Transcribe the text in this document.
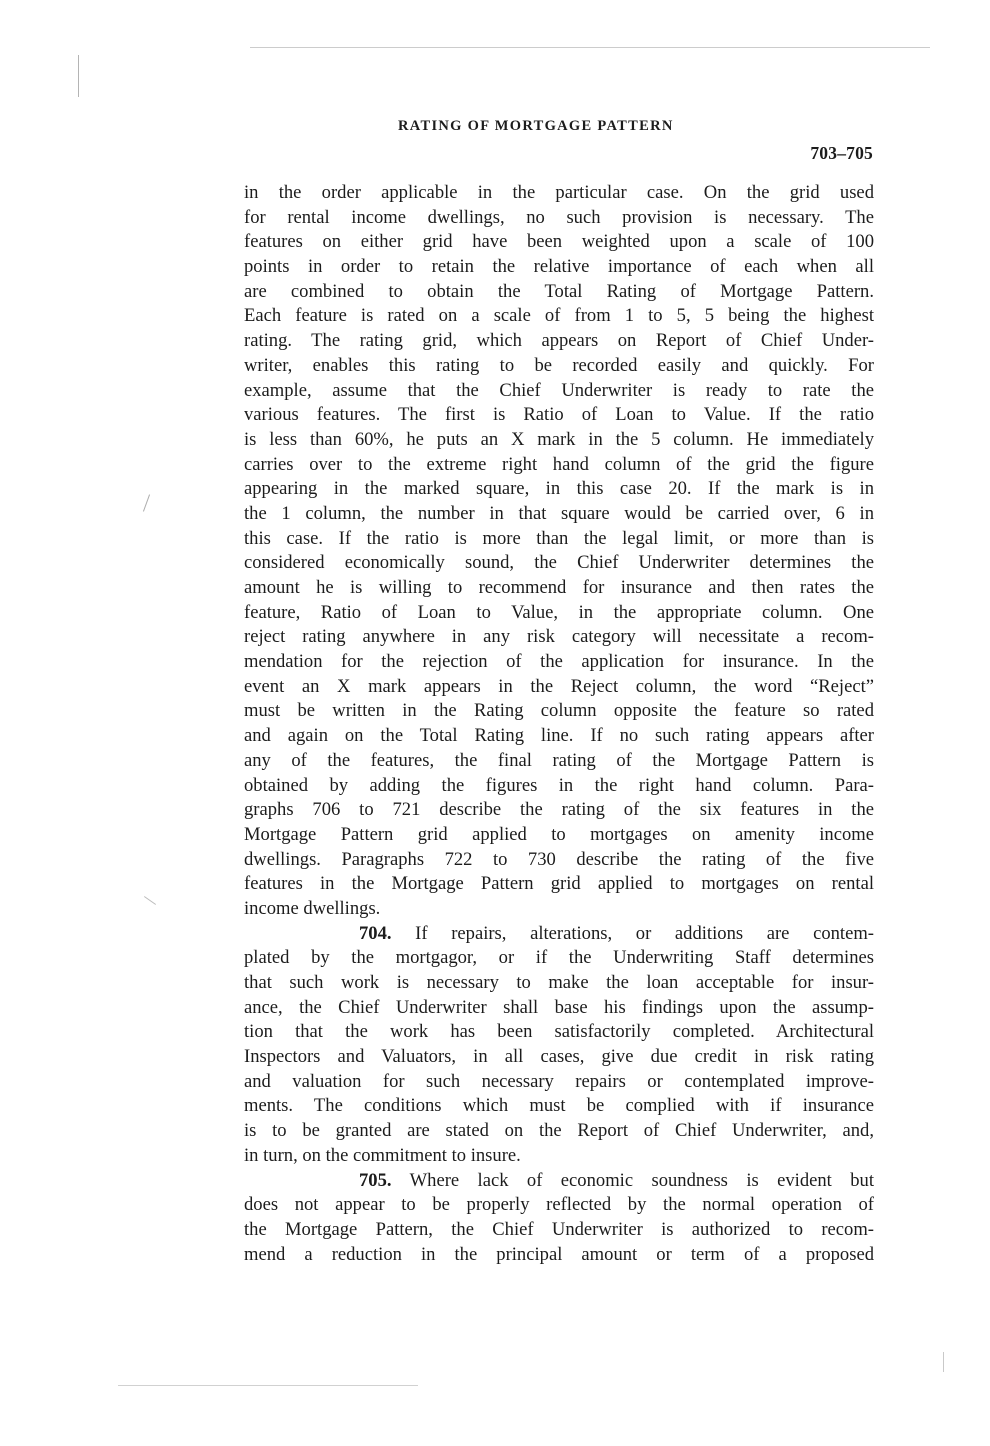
RATING OF MORTGAGE PATTERN
703–705
in the order applicable in the particular case. On the grid used
for rental income dwellings, no such provision is necessary. The
features on either grid have been weighted upon a scale of 100
points in order to retain the relative importance of each when all
are combined to obtain the Total Rating of Mortgage Pattern.
Each feature is rated on a scale of from 1 to 5, 5 being the highest
rating. The rating grid, which appears on Report of Chief Under-
writer, enables this rating to be recorded easily and quickly. For
example, assume that the Chief Underwriter is ready to rate the
various features. The first is Ratio of Loan to Value. If the ratio
is less than 60%, he puts an X mark in the 5 column. He immediately
carries over to the extreme right hand column of the grid the figure
appearing in the marked square, in this case 20. If the mark is in
the 1 column, the number in that square would be carried over, 6 in
this case. If the ratio is more than the legal limit, or more than is
considered economically sound, the Chief Underwriter determines the
amount he is willing to recommend for insurance and then rates the
feature, Ratio of Loan to Value, in the appropriate column. One
reject rating anywhere in any risk category will necessitate a recom-
mendation for the rejection of the application for insurance. In the
event an X mark appears in the Reject column, the word “Reject”
must be written in the Rating column opposite the feature so rated
and again on the Total Rating line. If no such rating appears after
any of the features, the final rating of the Mortgage Pattern is
obtained by adding the figures in the right hand column. Para-
graphs 706 to 721 describe the rating of the six features in the
Mortgage Pattern grid applied to mortgages on amenity income
dwellings. Paragraphs 722 to 730 describe the rating of the five
features in the Mortgage Pattern grid applied to mortgages on rental
income dwellings.
704. If repairs, alterations, or additions are contem-
plated by the mortgagor, or if the Underwriting Staff determines
that such work is necessary to make the loan acceptable for insur-
ance, the Chief Underwriter shall base his findings upon the assump-
tion that the work has been satisfactorily completed. Architectural
Inspectors and Valuators, in all cases, give due credit in risk rating
and valuation for such necessary repairs or contemplated improve-
ments. The conditions which must be complied with if insurance
is to be granted are stated on the Report of Chief Underwriter, and,
in turn, on the commitment to insure.
705. Where lack of economic soundness is evident but
does not appear to be properly reflected by the normal operation of
the Mortgage Pattern, the Chief Underwriter is authorized to recom-
mend a reduction in the principal amount or term of a proposed
